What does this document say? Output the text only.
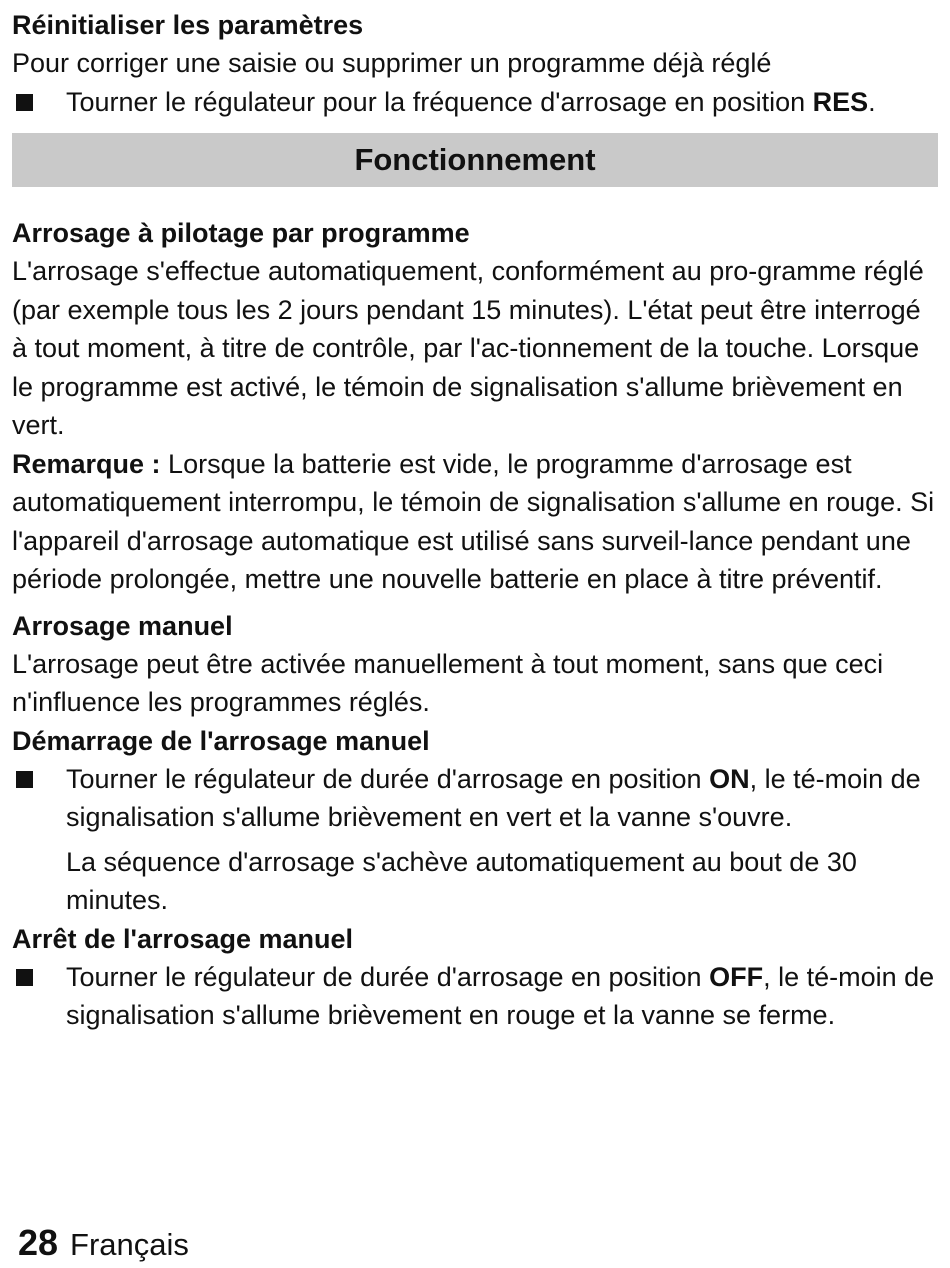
Réinitialiser les paramètres

Pour corriger une saisie ou supprimer un programme déjà réglé

Tourner le régulateur pour la fréquence d'arrosage en position RES.
Fonctionnement
Arrosage à pilotage par programme

L'arrosage s'effectue automatiquement, conformément au pro-gramme réglé (par exemple tous les 2 jours pendant 15 minutes). L'état peut être interrogé à tout moment, à titre de contrôle, par l'ac-tionnement de la touche. Lorsque le programme est activé, le témoin de signalisation s'allume brièvement en vert.

Remarque : Lorsque la batterie est vide, le programme d'arrosage est automatiquement interrompu, le témoin de signalisation s'allume en rouge. Si l'appareil d'arrosage automatique est utilisé sans surveil-lance pendant une période prolongée, mettre une nouvelle batterie en place à titre préventif.

Arrosage manuel

L'arrosage peut être activée manuellement à tout moment, sans que ceci n'influence les programmes réglés.

Démarrage de l'arrosage manuel
Tourner le régulateur de durée d'arrosage en position ON, le té-moin de signalisation s'allume brièvement en vert et la vanne s'ouvre.

La séquence d'arrosage s'achève automatiquement au bout de 30 minutes.

Arrêt de l'arrosage manuel
Tourner le régulateur de durée d'arrosage en position OFF, le té-moin de signalisation s'allume brièvement en rouge et la vanne se ferme.
28 Français
